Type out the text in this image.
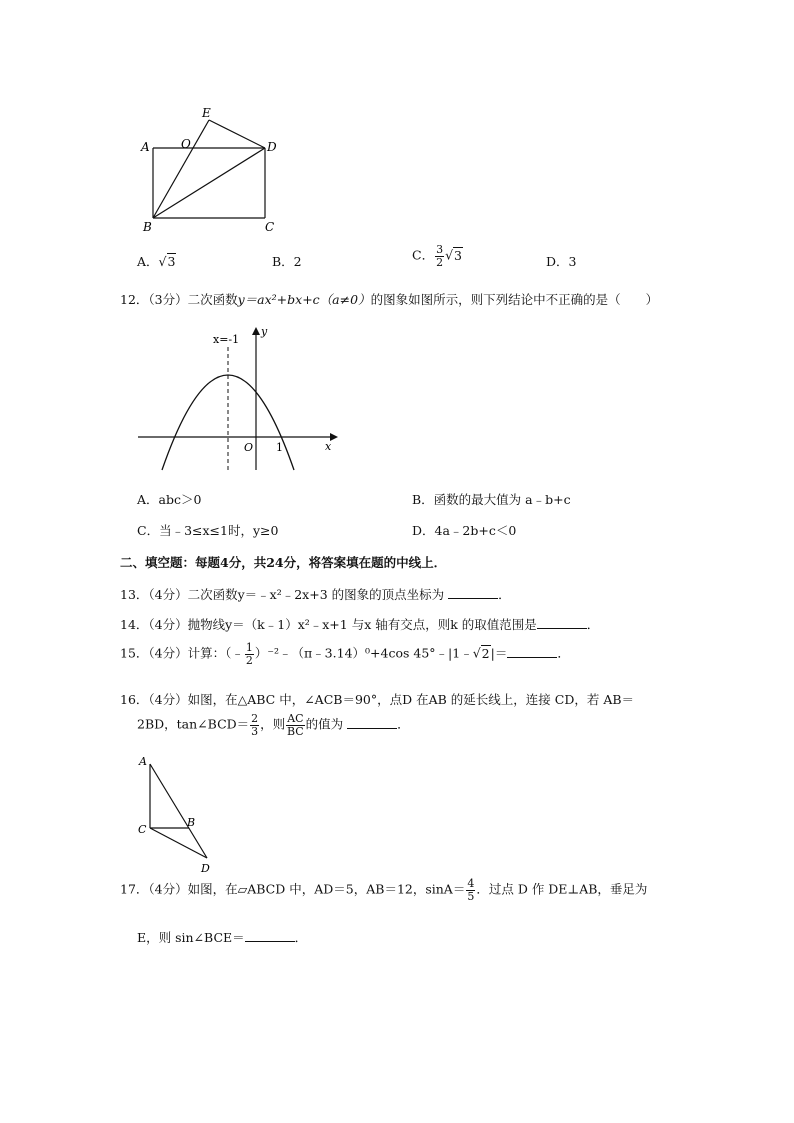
A	O
E
D
B	C
A．√3	B．2	C． $\frac{3}{2} √3$	D．3
12．（3分）二次函数y＝ax²+bx+c（a≠0）的图象如图所示，则下列结论中不正确的是（　　）
x=-1
y
x
O 1
A．abc＞0	B．函数的最大值为 a﹣b+c
C．当﹣3≤x≤1时，y≥0	D．4a﹣2b+c＜0
二、填空题：每题4分，共24分，将答案填在题的中线上．
13．（4分）二次函数y＝﹣x²﹣2x+3 的图象的顶点坐标为	．
14．（4分）抛物线y＝（k﹣1）x²﹣x+1 与x 轴有交点，则k 的取值范围是	．
15．（4分）计算：（﹣ $\frac{1}{2}$ ）⁻²﹣（π﹣3.14）⁰+4cos 45°﹣|1﹣√2|＝	．
16．（4分）如图，在△ABC 中，∠ACB＝90°，点D 在AB 的延长线上，连接 CD，若 AB＝
2BD，tan∠BCD＝ $\frac{2}{3}$ ，则 $\frac{AC}{BC}$ 的值为	．
A
B
C
D
17．（4分）如图，在▱ABCD 中，AD＝5，AB＝12，$\sin A= \frac{4}{5}$ ．过点 D 作 DE⊥AB，垂足为
E，则 sin∠BCE＝	．
